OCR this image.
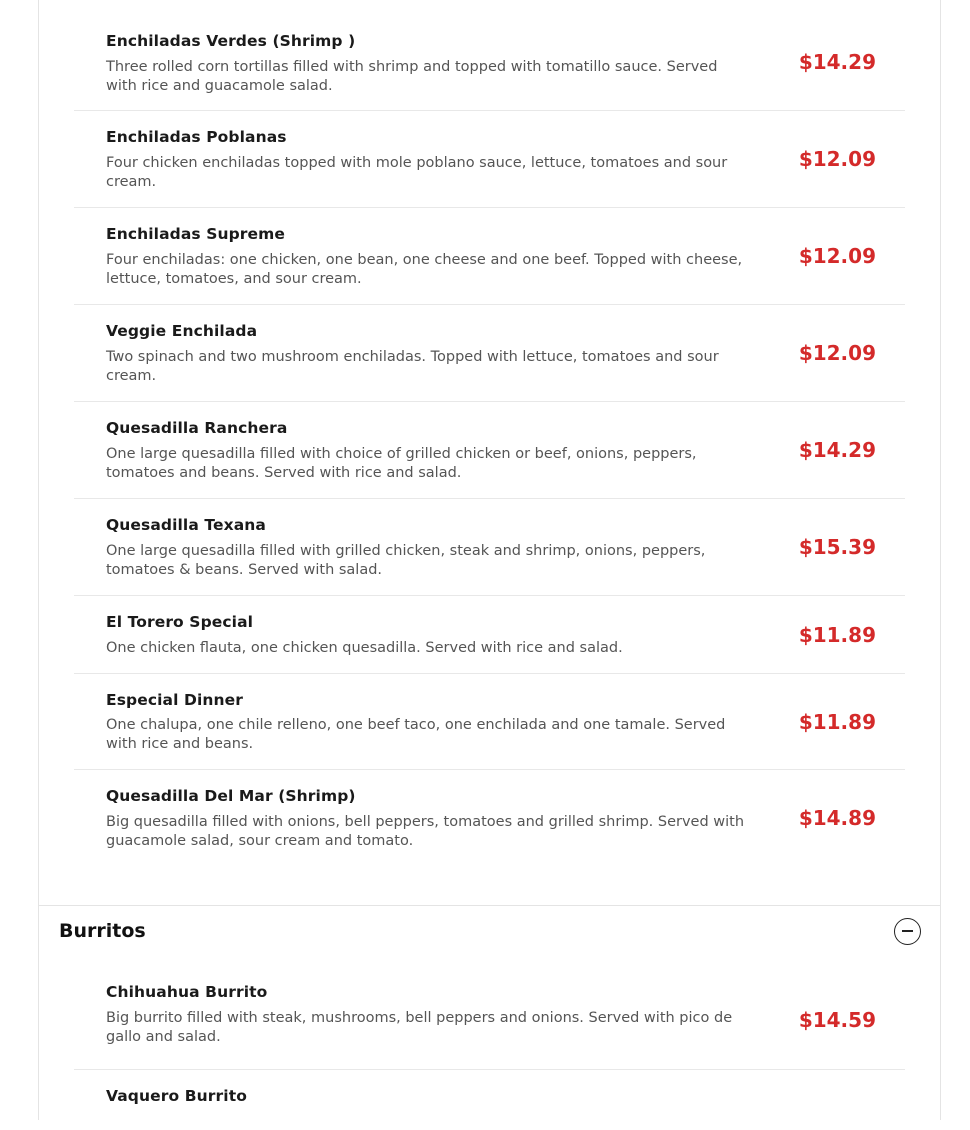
Enchiladas Verdes (Shrimp )
Three rolled corn tortillas filled with shrimp and topped with tomatillo sauce. Served with rice and guacamole salad.
$14.29
Enchiladas Poblanas
Four chicken enchiladas topped with mole poblano sauce, lettuce, tomatoes and sour cream.
$12.09
Enchiladas Supreme
Four enchiladas: one chicken, one bean, one cheese and one beef. Topped with cheese, lettuce, tomatoes, and sour cream.
$12.09
Veggie Enchilada
Two spinach and two mushroom enchiladas. Topped with lettuce, tomatoes and sour cream.
$12.09
Quesadilla Ranchera
One large quesadilla filled with choice of grilled chicken or beef, onions, peppers, tomatoes and beans. Served with rice and salad.
$14.29
Quesadilla Texana
One large quesadilla filled with grilled chicken, steak and shrimp, onions, peppers, tomatoes & beans. Served with salad.
$15.39
El Torero Special
One chicken flauta, one chicken quesadilla. Served with rice and salad.
$11.89
Especial Dinner
One chalupa, one chile relleno, one beef taco, one enchilada and one tamale. Served with rice and beans.
$11.89
Quesadilla Del Mar (Shrimp)
Big quesadilla filled with onions, bell peppers, tomatoes and grilled shrimp. Served with guacamole salad, sour cream and tomato.
$14.89
Burritos
Chihuahua Burrito
Big burrito filled with steak, mushrooms, bell peppers and onions. Served with pico de gallo and salad.
$14.59
Vaquero Burrito
